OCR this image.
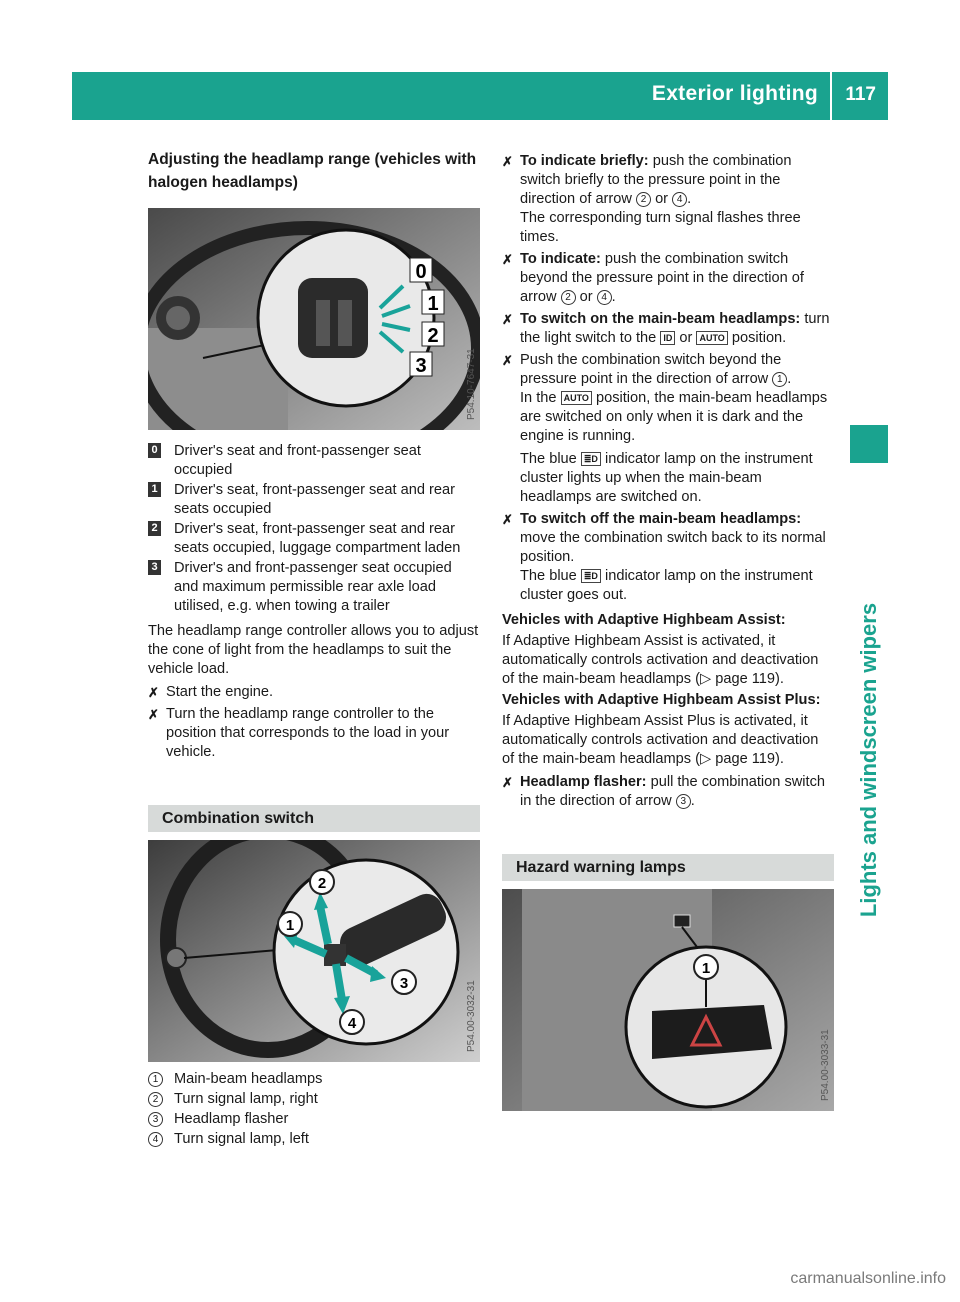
Exterior lighting 117
Lights and windscreen wipers
Adjusting the headlamp range (vehicles with halogen headlamps)
0
1
2
3	P54.10-7647-31
0 Driver's seat and front-passenger seat occupied
1 Driver's seat, front-passenger seat and rear seats occupied
2 Driver's seat, front-passenger seat and rear seats occupied, luggage compartment laden
3 Driver's and front-passenger seat occupied and maximum permissible rear axle load utilised, e.g. when towing a trailer
The headlamp range controller allows you to adjust the cone of light from the headlamps to suit the vehicle load.
✗ Start the engine.
✗ Turn the headlamp range controller to the position that corresponds to the load in your vehicle.
Combination switch
2
1
3
4	P54.00-3032-31
1	Main-beam headlamps
2	Turn signal lamp, right
3	Headlamp flasher
4	Turn signal lamp, left
✗ To indicate briefly: push the combination switch briefly to the pressure point in the direction of arrow 2 or 4 .
The corresponding turn signal flashes three times.
✗ To indicate: push the combination switch beyond the pressure point in the direction of arrow 2 or 4 .
✗ To switch on the main-beam headlamps: turn the light switch to the ID or AUTO position.
✗ Push the combination switch beyond the pressure point in the direction of arrow 1 .
In the AUTO position, the main-beam headlamps are switched on only when it is dark and the engine is running.
The blue ≣D indicator lamp on the instrument cluster lights up when the main-beam headlamps are switched on.
✗ To switch off the main-beam headlamps: move the combination switch back to its normal position.
The blue ≣D indicator lamp on the instrument cluster goes out.
Vehicles with Adaptive Highbeam Assist:
If Adaptive Highbeam Assist is activated, it automatically controls activation and deactivation of the main-beam headlamps (▷ page 119).
Vehicles with Adaptive Highbeam Assist Plus:
If Adaptive Highbeam Assist Plus is activated, it automatically controls activation and deactivation of the main-beam headlamps (▷ page 119).
✗ Headlamp flasher: pull the combination switch in the direction of arrow 3 .
Hazard warning lamps
1
P54.00-3033-31
carmanualsonline.info
